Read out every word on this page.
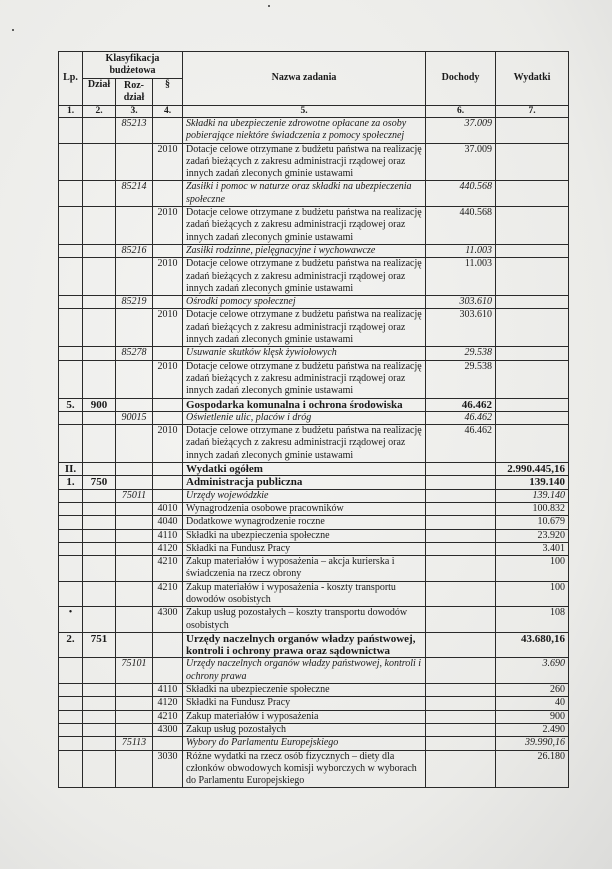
Lp.	Klasyfikacja budżetowa			Nazwa zadania	Dochody	Wydatki
	Dział	Roz-dział	§			
1.	2.	3.	4.	5.	6.	7.
		85213		Składki na ubezpieczenie zdrowotne opłacane za osoby pobierające niektóre świadczenia z pomocy społecznej	37.009	
			2010	Dotacje celowe otrzymane z budżetu państwa na realizację zadań bieżących z zakresu administracji rządowej oraz innych zadań zleconych gminie ustawami	37.009	
		85214		Zasiłki i pomoc w naturze oraz składki na ubezpieczenia społeczne	440.568	
			2010	Dotacje celowe otrzymane z budżetu państwa na realizację zadań bieżących z zakresu administracji rządowej oraz innych zadań zleconych gminie ustawami	440.568	
		85216		Zasiłki rodzinne, pielęgnacyjne i wychowawcze	11.003	
			2010	Dotacje celowe otrzymane z budżetu państwa na realizację zadań bieżących z zakresu administracji rządowej oraz innych zadań zleconych gminie ustawami	11.003	
		85219		Ośrodki pomocy społecznej	303.610	
			2010	Dotacje celowe otrzymane z budżetu państwa na realizację zadań bieżących z zakresu administracji rządowej oraz innych zadań zleconych gminie ustawami	303.610	
		85278		Usuwanie skutków klęsk żywiołowych	29.538	
			2010	Dotacje celowe otrzymane z budżetu państwa na realizację zadań bieżących z zakresu administracji rządowej oraz innych zadań zleconych gminie ustawami	29.538	
5.	900			Gospodarka komunalna i ochrona środowiska	46.462	
		90015		Oświetlenie ulic, placów i dróg	46.462	
			2010	Dotacje celowe otrzymane z budżetu państwa na realizację zadań bieżących z zakresu administracji rządowej oraz innych zadań zleconych gminie ustawami	46.462	
II.				Wydatki ogółem		2.990.445,16
1.	750			Administracja publiczna		139.140
		75011		Urzędy wojewódzkie		139.140
			4010	Wynagrodzenia osobowe pracowników		100.832
			4040	Dodatkowe wynagrodzenie roczne		10.679
			4110	Składki na ubezpieczenia społeczne		23.920
			4120	Składki na Fundusz Pracy		3.401
			4210	Zakup materiałów i wyposażenia – akcja kurierska i świadczenia na rzecz obrony		100
			4210	Zakup materiałów i wyposażenia - koszty transportu dowodów osobistych		100
•			4300	Zakup usług pozostałych – koszty transportu dowodów osobistych		108
2.	751			Urzędy naczelnych organów władzy państwowej, kontroli i ochrony prawa oraz sądownictwa		43.680,16
		75101		Urzędy naczelnych organów władzy państwowej, kontroli i ochrony prawa		3.690
			4110	Składki na ubezpieczenie społeczne		260
			4120	Składki na Fundusz Pracy		40
			4210	Zakup materiałów i wyposażenia		900
			4300	Zakup usług pozostałych		2.490
		75113		Wybory do Parlamentu Europejskiego		39.990,16
			3030	Różne wydatki na rzecz osób fizycznych – diety dla członków obwodowych komisji wyborczych w wyborach do Parlamentu Europejskiego		26.180
